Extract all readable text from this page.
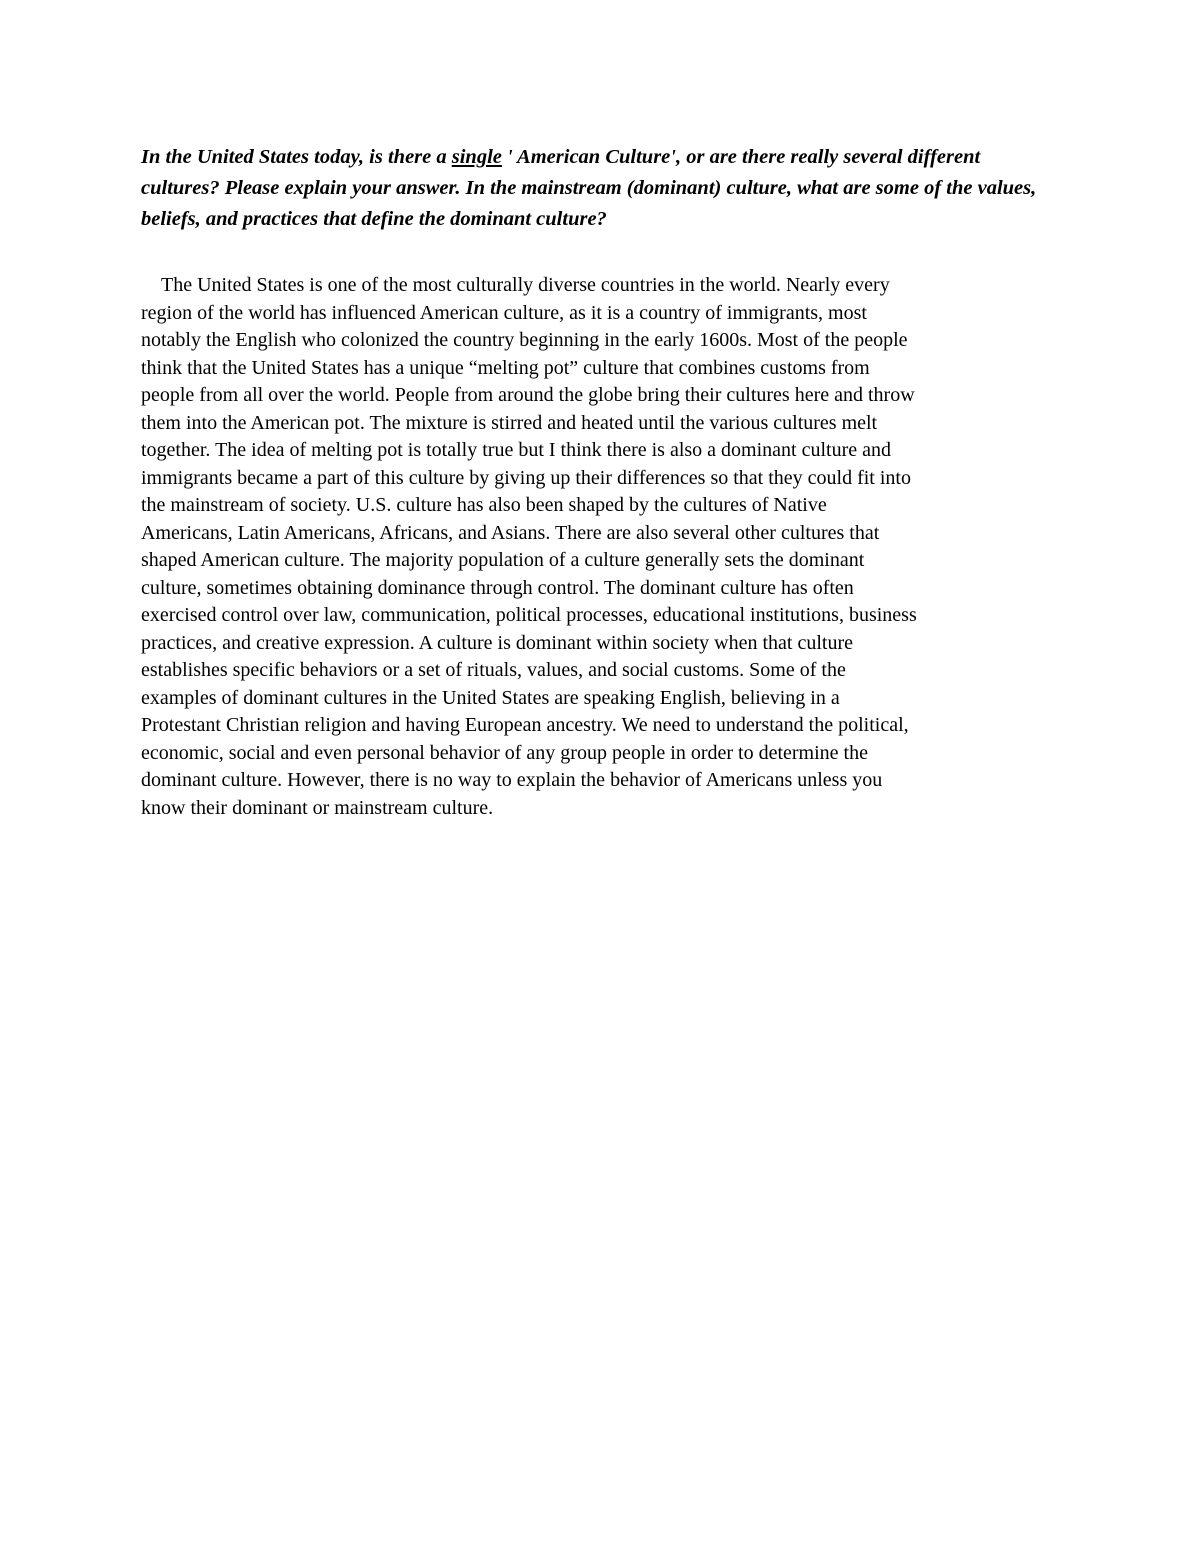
In the United States today, is there a single ' American Culture', or are there really several different cultures? Please explain your answer. In the mainstream (dominant) culture, what are some of the values, beliefs, and practices that define the dominant culture?

The United States is one of the most culturally diverse countries in the world. Nearly every
region of the world has influenced American culture, as it is a country of immigrants, most
notably the English who colonized the country beginning in the early 1600s. Most of the people
think that the United States has a unique “melting pot” culture that combines customs from
people from all over the world. People from around the globe bring their cultures here and throw
them into the American pot. The mixture is stirred and heated until the various cultures melt
together. The idea of melting pot is totally true but I think there is also a dominant culture and
immigrants became a part of this culture by giving up their differences so that they could fit into
the mainstream of society. U.S. culture has also been shaped by the cultures of Native
Americans, Latin Americans, Africans, and Asians. There are also several other cultures that
shaped American culture. The majority population of a culture generally sets the dominant
culture, sometimes obtaining dominance through control. The dominant culture has often
exercised control over law, communication, political processes, educational institutions, business
practices, and creative expression. A culture is dominant within society when that culture
establishes specific behaviors or a set of rituals, values, and social customs. Some of the
examples of dominant cultures in the United States are speaking English, believing in a
Protestant Christian religion and having European ancestry. We need to understand the political,
economic, social and even personal behavior of any group people in order to determine the
dominant culture. However, there is no way to explain the behavior of Americans unless you
know their dominant or mainstream culture.
